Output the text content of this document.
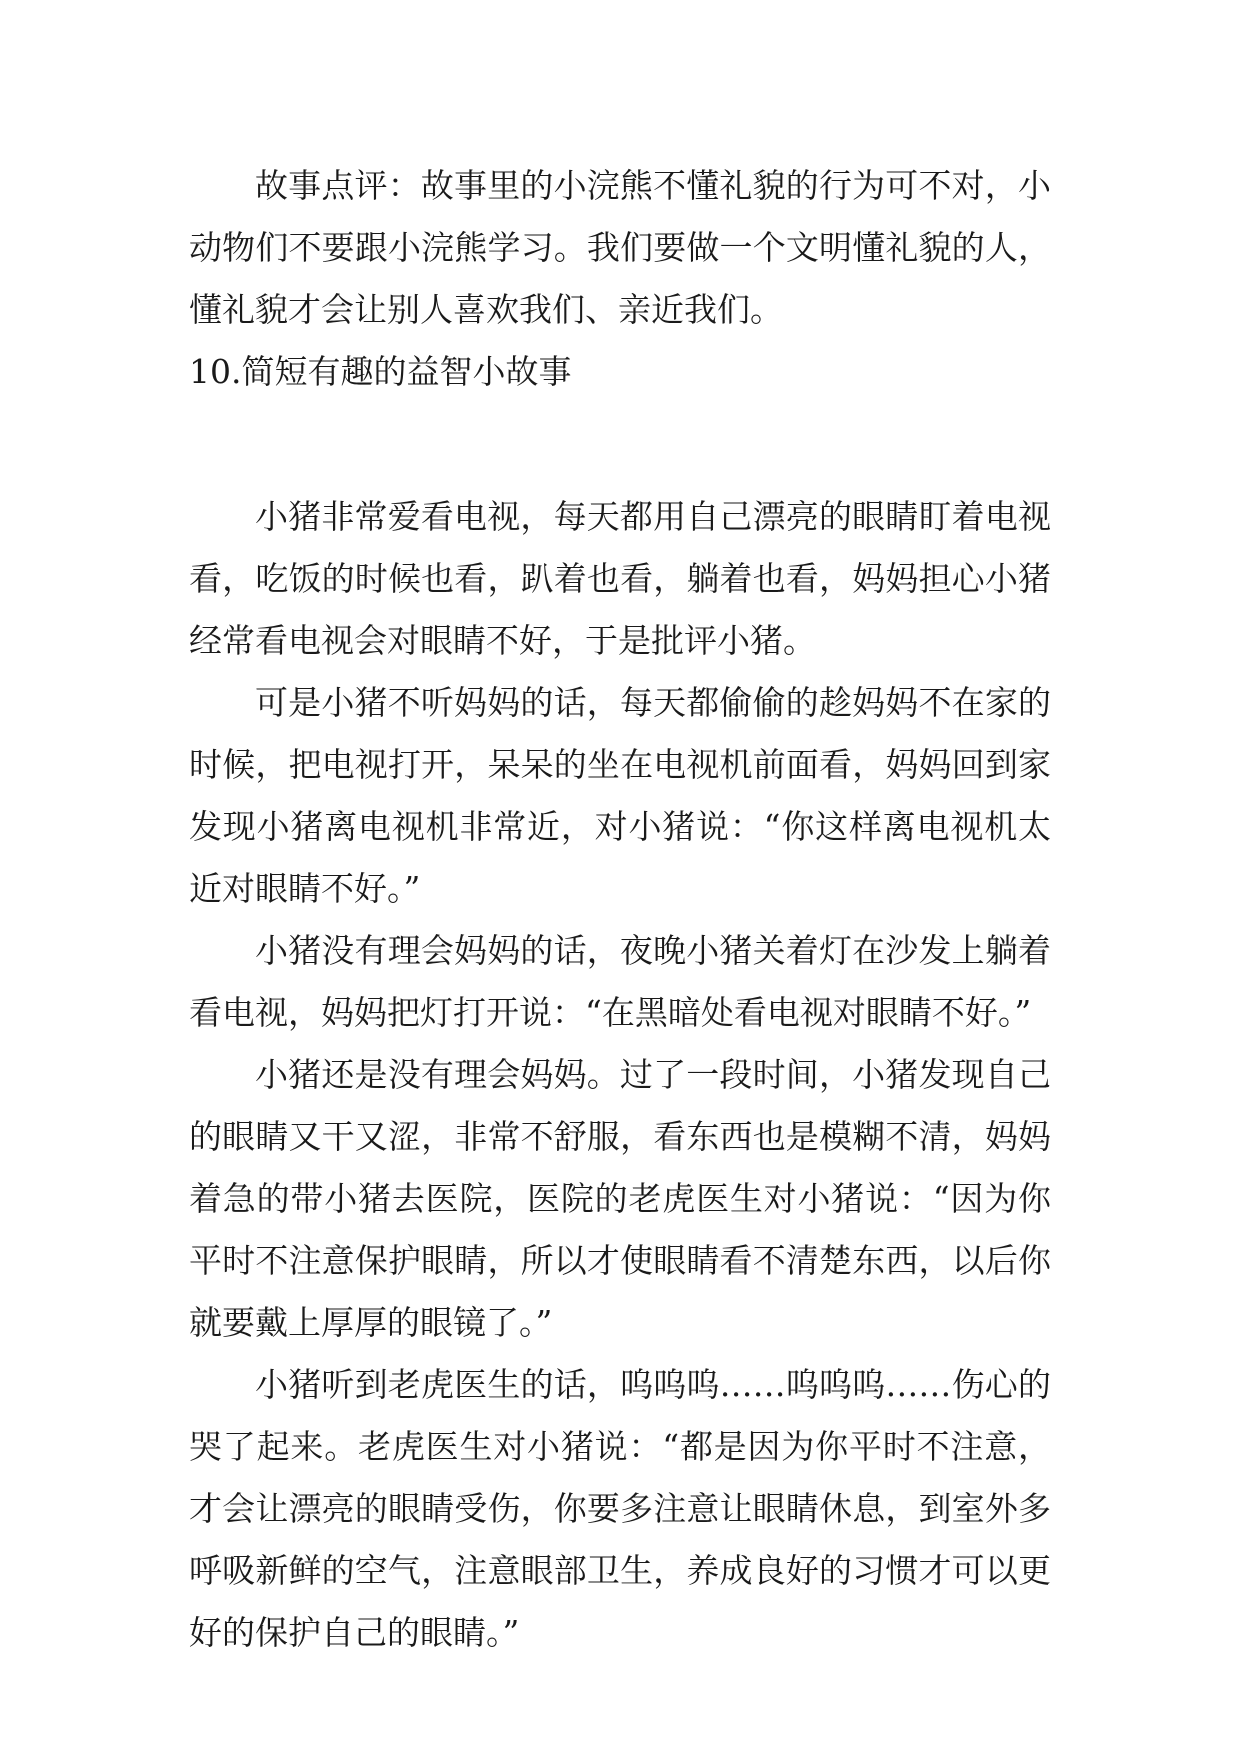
故事点评：故事里的小浣熊不懂礼貌的行为可不对，小动物们不要跟小浣熊学习。我们要做一个文明懂礼貌的人，懂礼貌才会让别人喜欢我们、亲近我们。

10.简短有趣的益智小故事

小猪非常爱看电视，每天都用自己漂亮的眼睛盯着电视看，吃饭的时候也看，趴着也看，躺着也看，妈妈担心小猪经常看电视会对眼睛不好，于是批评小猪。

可是小猪不听妈妈的话，每天都偷偷的趁妈妈不在家的时候，把电视打开，呆呆的坐在电视机前面看，妈妈回到家发现小猪离电视机非常近，对小猪说：“你这样离电视机太近对眼睛不好。”

小猪没有理会妈妈的话，夜晚小猪关着灯在沙发上躺着看电视，妈妈把灯打开说：“在黑暗处看电视对眼睛不好。”

小猪还是没有理会妈妈。过了一段时间，小猪发现自己的眼睛又干又涩，非常不舒服，看东西也是模糊不清，妈妈着急的带小猪去医院，医院的老虎医生对小猪说：“因为你平时不注意保护眼睛，所以才使眼睛看不清楚东西，以后你就要戴上厚厚的眼镜了。”

小猪听到老虎医生的话，呜呜呜……呜呜呜……伤心的哭了起来。老虎医生对小猪说：“都是因为你平时不注意，才会让漂亮的眼睛受伤，你要多注意让眼睛休息，到室外多呼吸新鲜的空气，注意眼部卫生，养成良好的习惯才可以更好的保护自己的眼睛。”
